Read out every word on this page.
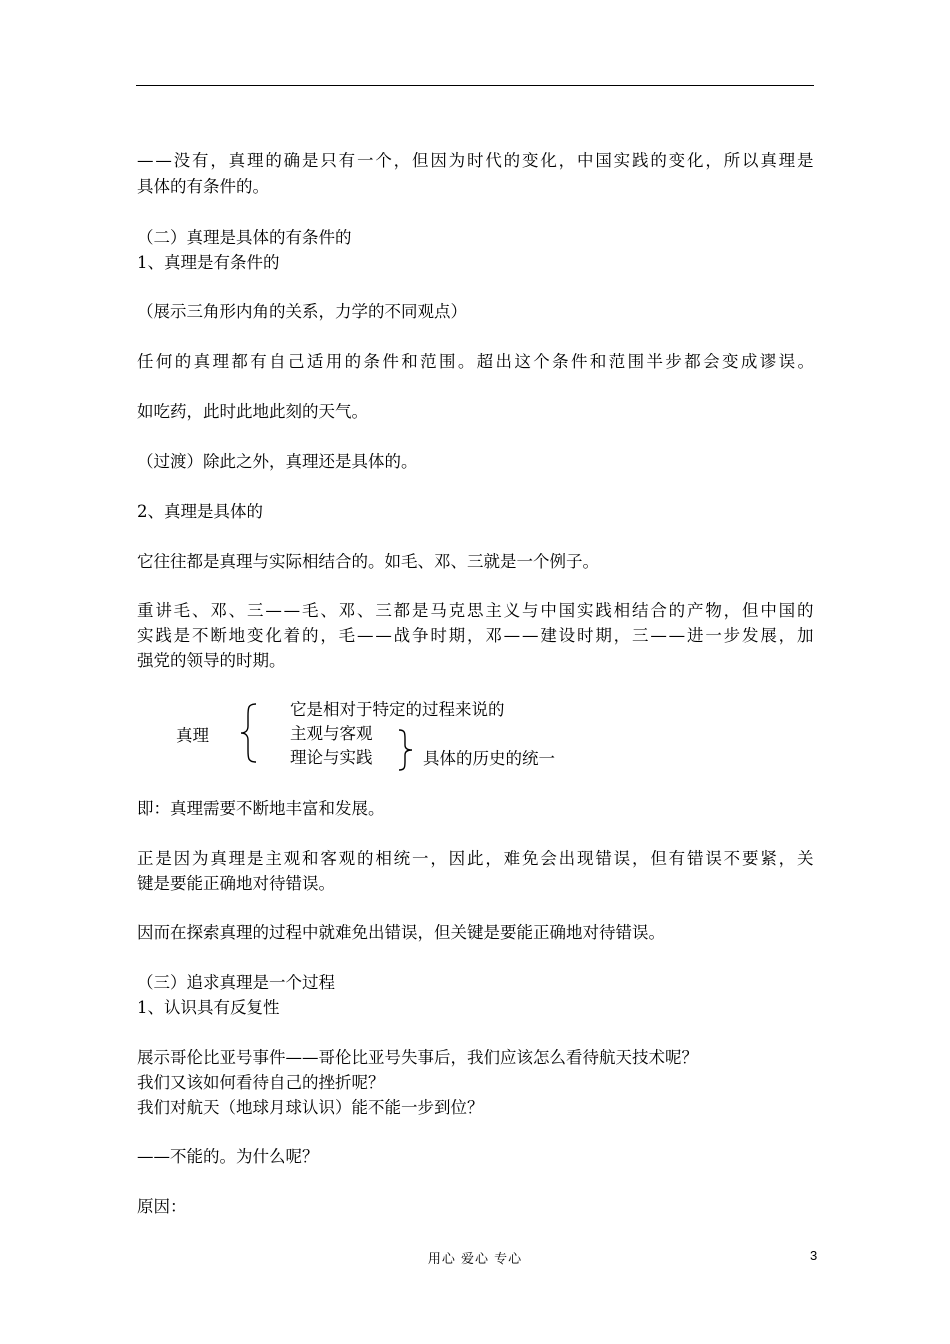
——没有，真理的确是只有一个，但因为时代的变化，中国实践的变化，所以真理是
具体的有条件的。
（二）真理是具体的有条件的
1、真理是有条件的
（展示三角形内角的关系，力学的不同观点）
任何的真理都有自己适用的条件和范围。超出这个条件和范围半步都会变成谬误。
如吃药，此时此地此刻的天气。
（过渡）除此之外，真理还是具体的。
2、真理是具体的
它往往都是真理与实际相结合的。如毛、邓、三就是一个例子。
重讲毛、邓、三——毛、邓、三都是马克思主义与中国实践相结合的产物，但中国的
实践是不断地变化着的，毛——战争时期，邓——建设时期，三——进一步发展，加
强党的领导的时期。
真理
它是相对于特定的过程来说的
主观与客观
理论与实践	具体的历史的统一
即：真理需要不断地丰富和发展。
正是因为真理是主观和客观的相统一，因此，难免会出现错误，但有错误不要紧，关
键是要能正确地对待错误。
因而在探索真理的过程中就难免出错误，但关键是要能正确地对待错误。
（三）追求真理是一个过程
1、认识具有反复性
展示哥伦比亚号事件——哥伦比亚号失事后，我们应该怎么看待航天技术呢？
我们又该如何看待自己的挫折呢？
我们对航天（地球月球认识）能不能一步到位？
——不能的。为什么呢？
原因：
用心 爱心 专心	3
